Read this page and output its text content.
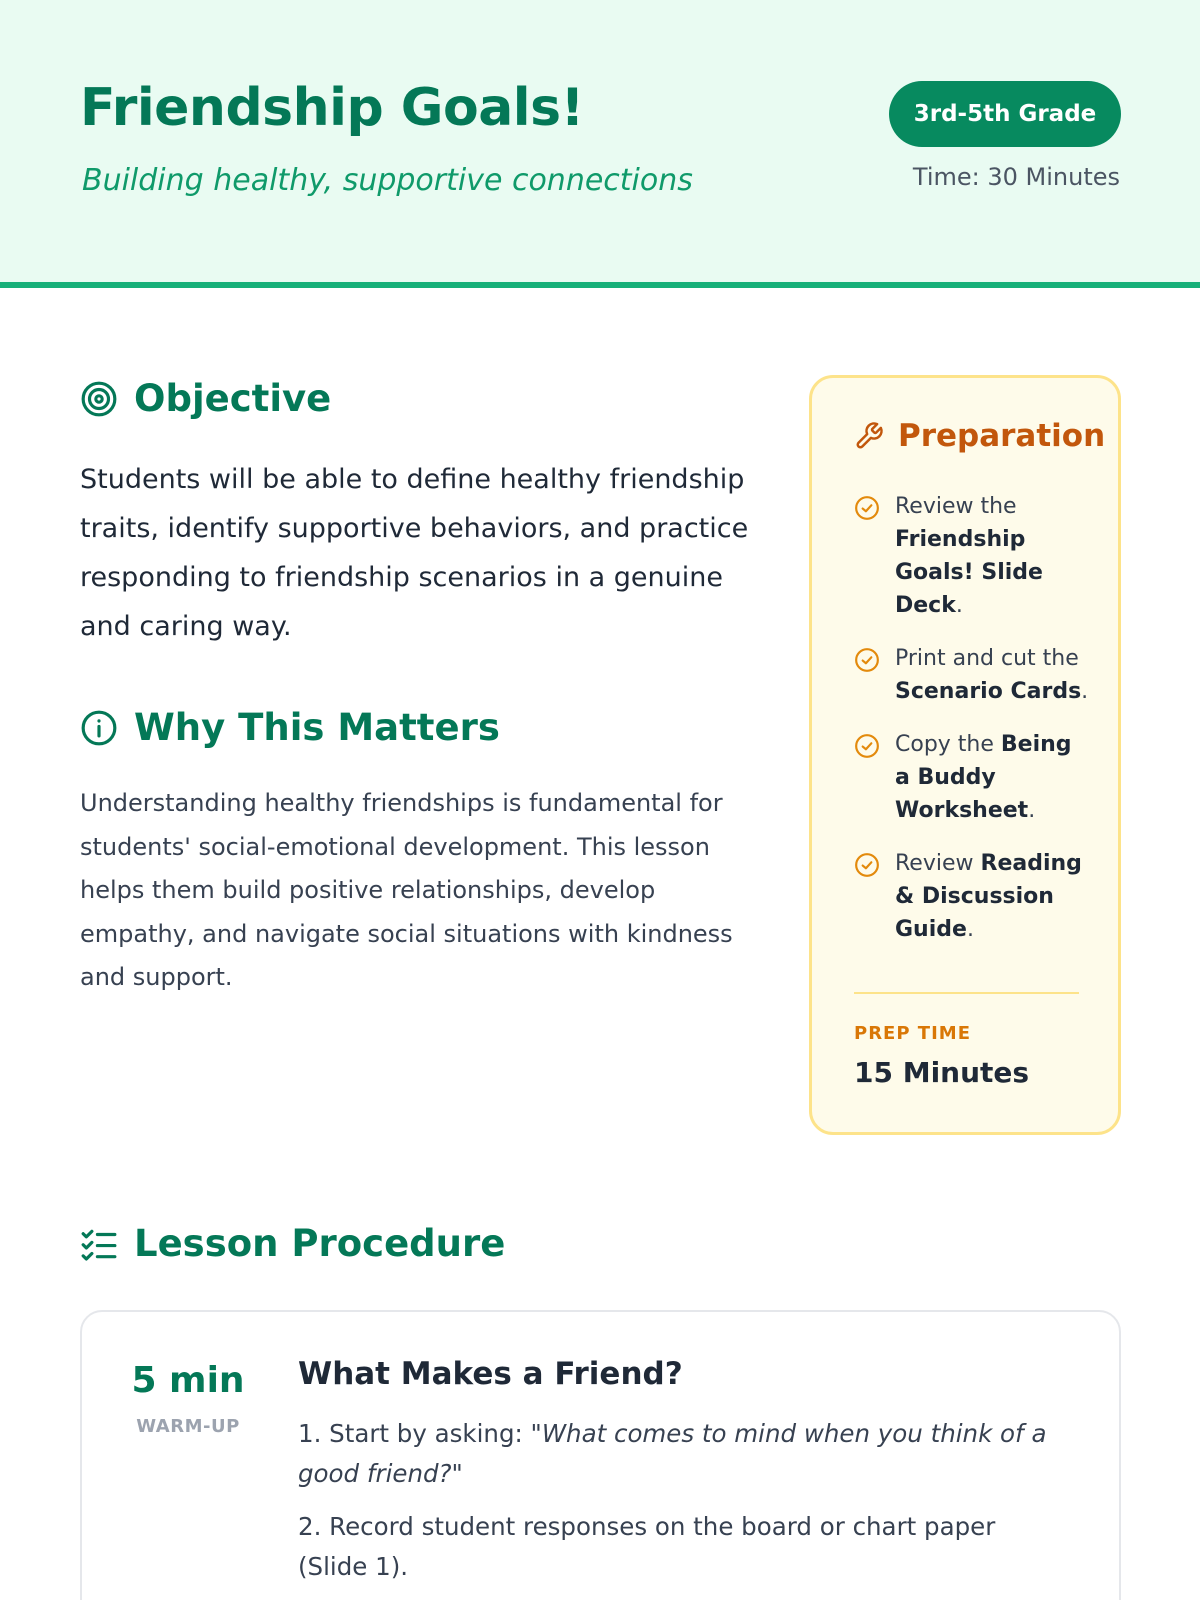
Friendship Goals!
Building healthy, supportive connections
3rd-5th Grade
Time: 30 Minutes
Objective

Students will be able to define healthy friendship traits, identify supportive behaviors, and practice responding to friendship scenarios in a genuine and caring way.

Why This Matters

Understanding healthy friendships is fundamental for students' social-emotional development. This lesson helps them build positive relationships, develop empathy, and navigate social situations with kindness and support.

Preparation
Review the Friendship Goals! Slide Deck.
Print and cut the Scenario Cards.
Copy the Being a Buddy Worksheet.
Review Reading & Discussion Guide.
PREP TIME
15 Minutes
Lesson Procedure
5 min
WARM-UP
What Makes a Friend?
1. Start by asking: "What comes to mind when you think of a good friend?"
2. Record student responses on the board or chart paper (Slide 1).
